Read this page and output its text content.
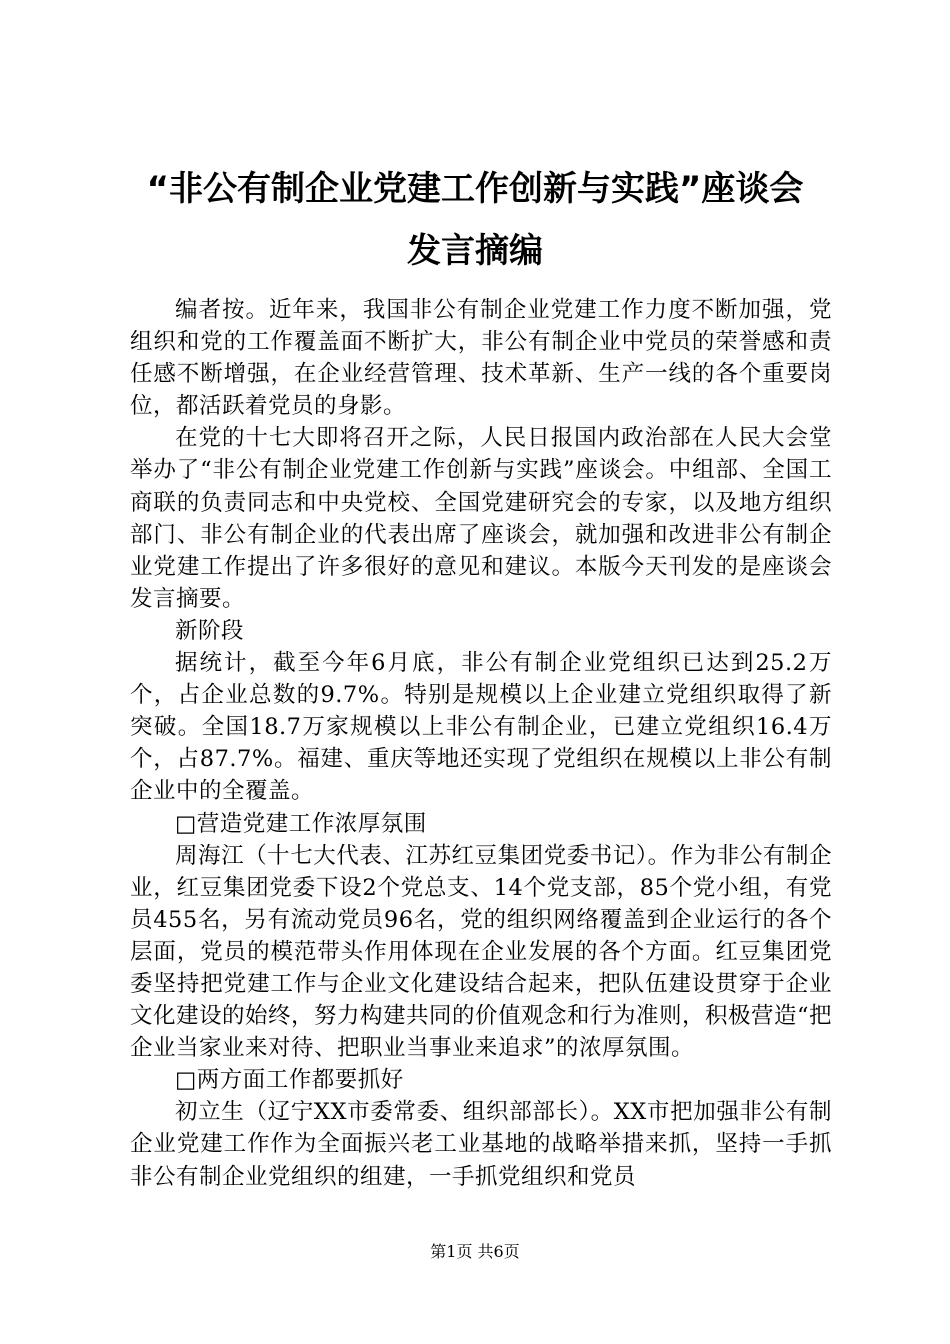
“非公有制企业党建工作创新与实践”座谈会
发言摘编

编者按。近年来，我国非公有制企业党建工作力度不断加强，党组织和党的工作覆盖面不断扩大，非公有制企业中党员的荣誉感和责任感不断增强，在企业经营管理、技术革新、生产一线的各个重要岗位，都活跃着党员的身影。

在党的十七大即将召开之际，人民日报国内政治部在人民大会堂举办了“非公有制企业党建工作创新与实践”座谈会。中组部、全国工商联的负责同志和中央党校、全国党建研究会的专家，以及地方组织部门、非公有制企业的代表出席了座谈会，就加强和改进非公有制企业党建工作提出了许多很好的意见和建议。本版今天刊发的是座谈会发言摘要。

新阶段

据统计，截至今年6月底，非公有制企业党组织已达到25.2万个，占企业总数的9.7%。特别是规模以上企业建立党组织取得了新突破。全国18.7万家规模以上非公有制企业，已建立党组织16.4万个，占87.7%。福建、重庆等地还实现了党组织在规模以上非公有制企业中的全覆盖。

□营造党建工作浓厚氛围

周海江（十七大代表、江苏红豆集团党委书记）。作为非公有制企业，红豆集团党委下设2个党总支、14个党支部，85个党小组，有党员455名，另有流动党员96名，党的组织网络覆盖到企业运行的各个层面，党员的模范带头作用体现在企业发展的各个方面。红豆集团党委坚持把党建工作与企业文化建设结合起来，把队伍建设贯穿于企业文化建设的始终，努力构建共同的价值观念和行为准则，积极营造“把企业当家业来对待、把职业当事业来追求”的浓厚氛围。

□两方面工作都要抓好

初立生（辽宁XX市委常委、组织部部长）。XX市把加强非公有制企业党建工作作为全面振兴老工业基地的战略举措来抓，坚持一手抓非公有制企业党组织的组建，一手抓党组织和党员

第1页 共6页
